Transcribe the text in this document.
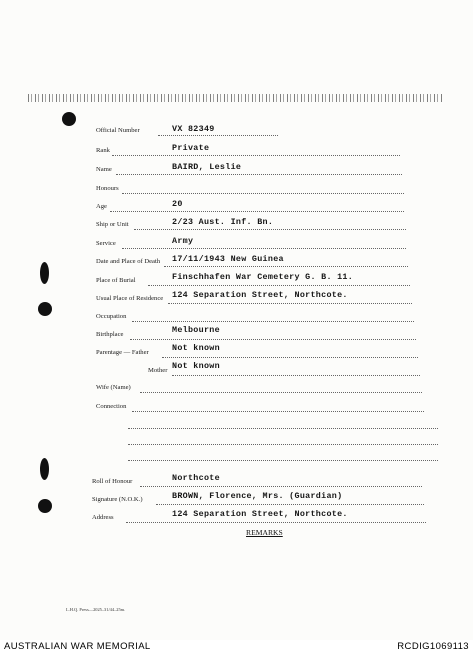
Official Number	VX 82349
Rank	Private
Name	BAIRD, Leslie
Honours
Age	20
Ship or Unit	2/23 Aust. Inf. Bn.
Service	Army
Date and Place of Death 17/11/1943 New Guinea
Place of Burial	Finschhafen War Cemetery G. B. 11.
Usual Place of Residence 124 Separation Street, Northcote.
Occupation
Birthplace	Melbourne
Parentage — Father	Not known
Mother Not known
Wife (Name)
Connection
Roll of Honour	Northcote
Signature (N.O.K.)	BROWN, Florence, Mrs. (Guardian)
Address	124 Separation Street, Northcote.
REMARKS
L.H.Q. Press—2025–31/44–25m.
AUSTRALIAN WAR MEMORIAL	RCDIG1069113
